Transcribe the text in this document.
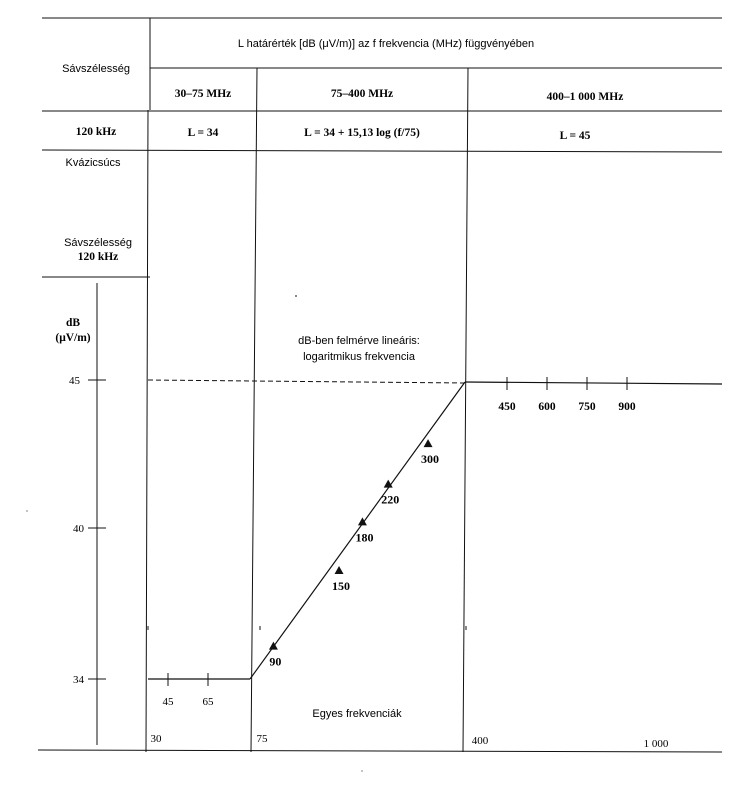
L határérték [dB (μV/m)] az f frekvencia (MHz) függvényében
Sávszélesség
30–75 MHz	75–400 MHz	400–1 000 MHz
120 kHz	L = 34	L = 34 + 15,13 log (f/75)	L = 45
Kvázicsúcs
Sávszélesség
120 kHz
dB
(μV/m)
45
40
34
45	65
450 600 750 900
dB-ben felmérve lineáris:
logaritmikus frekvencia
Egyes frekvenciák
30	75	400	1 000
90
150
180
220
300
